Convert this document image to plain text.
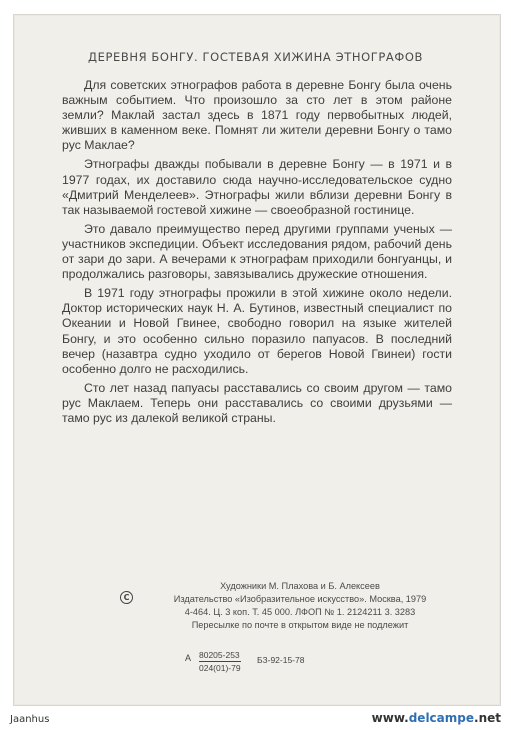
ДЕРЕВНЯ БОНГУ. ГОСТЕВАЯ ХИЖИНА ЭТНОГРАФОВ

Для советских этнографов работа в деревне Бонгу была очень важным событием. Что произошло за сто лет в этом районе земли? Маклай застал здесь в 1871 году первобытных людей, живших в каменном веке. Помнят ли жители деревни Бонгу о тамо рус Маклае?

Этнографы дважды побывали в деревне Бонгу — в 1971 и в 1977 годах, их доставило сюда научно-исследовательское судно «Дмитрий Менделеев». Этнографы жили вблизи деревни Бонгу в так называемой гостевой хижине — своеобразной гостинице.

Это давало преимущество перед другими группами ученых — участников экспедиции. Объект исследования рядом, рабочий день от зари до зари. А вечерами к этнографам приходили бонгуанцы, и продолжались разговоры, завязывались дружеские отношения.

В 1971 году этнографы прожили в этой хижине около недели. Доктор исторических наук Н. А. Бутинов, известный специалист по Океании и Новой Гвинее, свободно говорил на языке жителей Бонгу, и это особенно сильно поразило папуасов. В последний вечер (назавтра судно уходило от берегов Новой Гвинеи) гости особенно долго не расходились.

Сто лет назад папуасы расставались со своим другом — тамо рус Маклаем. Теперь они расставались со своими друзьями — тамо рус из далекой великой страны.

C
Художники М. Плахова и Б. Алексеев
Издательство «Изобразительное искусство». Москва, 1979
4-464. Ц. 3 коп. Т. 45 000. ЛФОП № 1. 2124211 3. 3283
Пересылке по почте в открытом виде не подлежит
А $\frac{80205-253}{024(01)-79} БЗ-92-15-78$
Jaanhus	www.delcampe.net
